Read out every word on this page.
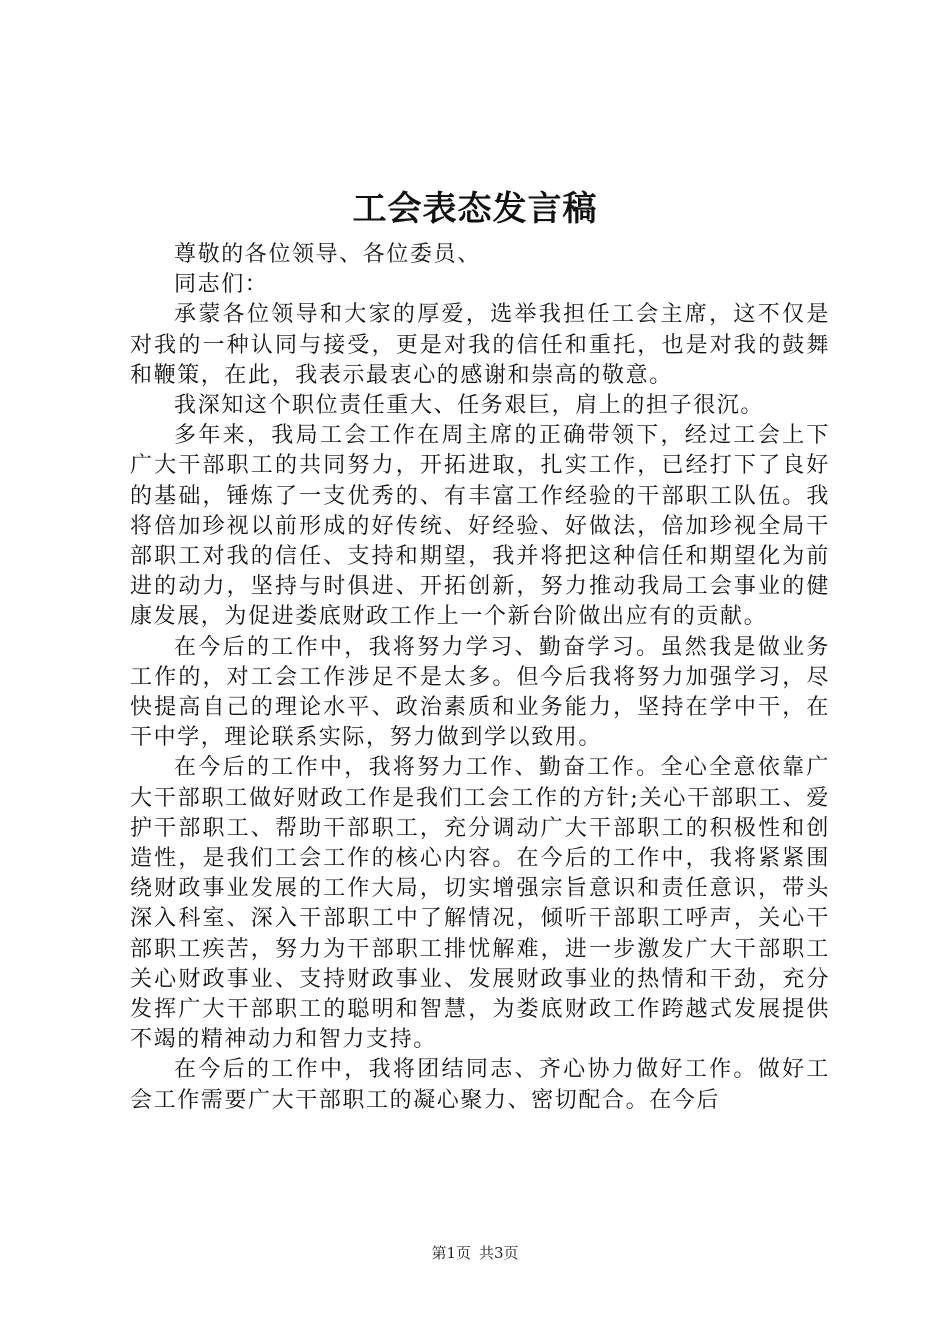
工会表态发言稿

尊敬的各位领导、各位委员、

同志们：

承蒙各位领导和大家的厚爱，选举我担任工会主席，这不仅是对我的一种认同与接受，更是对我的信任和重托，也是对我的鼓舞和鞭策，在此，我表示最衷心的感谢和崇高的敬意。

我深知这个职位责任重大、任务艰巨，肩上的担子很沉。

多年来，我局工会工作在周主席的正确带领下，经过工会上下广大干部职工的共同努力，开拓进取，扎实工作，已经打下了良好的基础，锤炼了一支优秀的、有丰富工作经验的干部职工队伍。我将倍加珍视以前形成的好传统、好经验、好做法，倍加珍视全局干部职工对我的信任、支持和期望，我并将把这种信任和期望化为前进的动力，坚持与时俱进、开拓创新，努力推动我局工会事业的健康发展，为促进娄底财政工作上一个新台阶做出应有的贡献。

在今后的工作中，我将努力学习、勤奋学习。虽然我是做业务工作的，对工会工作涉足不是太多。但今后我将努力加强学习，尽快提高自己的理论水平、政治素质和业务能力，坚持在学中干，在干中学，理论联系实际，努力做到学以致用。

在今后的工作中，我将努力工作、勤奋工作。全心全意依靠广大干部职工做好财政工作是我们工会工作的方针;关心干部职工、爱护干部职工、帮助干部职工，充分调动广大干部职工的积极性和创造性，是我们工会工作的核心内容。在今后的工作中，我将紧紧围绕财政事业发展的工作大局，切实增强宗旨意识和责任意识，带头深入科室、深入干部职工中了解情况，倾听干部职工呼声，关心干部职工疾苦，努力为干部职工排忧解难，进一步激发广大干部职工关心财政事业、支持财政事业、发展财政事业的热情和干劲，充分发挥广大干部职工的聪明和智慧，为娄底财政工作跨越式发展提供不竭的精神动力和智力支持。

在今后的工作中，我将团结同志、齐心协力做好工作。做好工会工作需要广大干部职工的凝心聚力、密切配合。在今后

第1页 共3页
